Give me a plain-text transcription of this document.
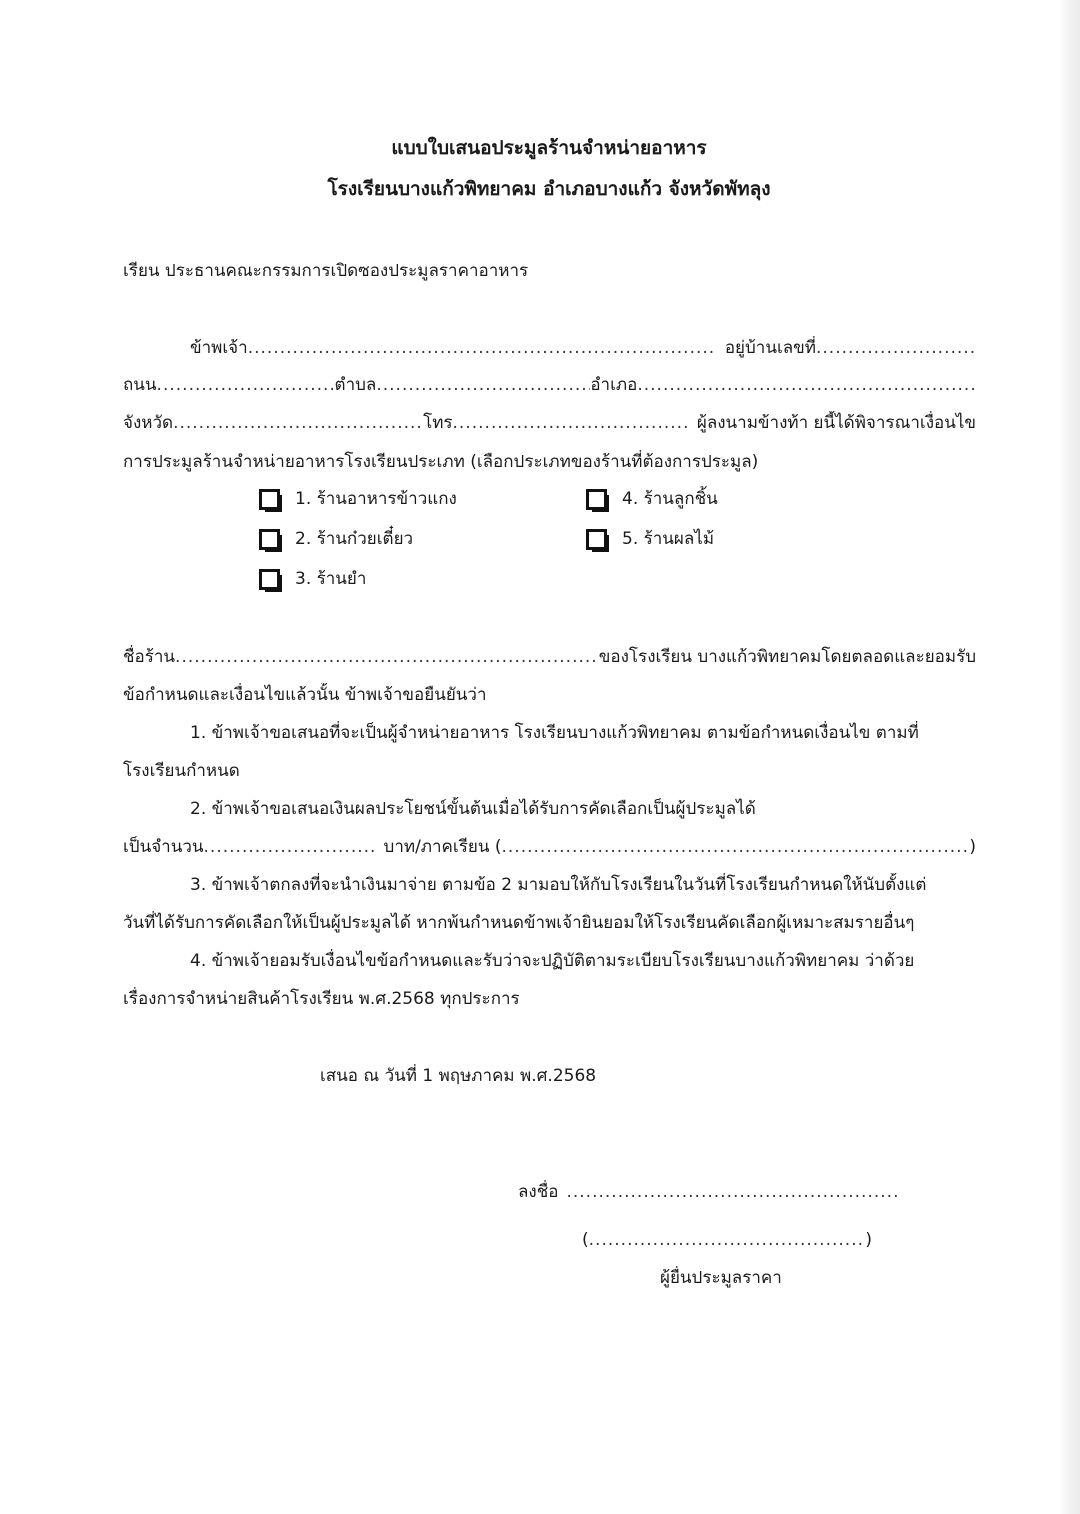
แบบใบเสนอประมูลร้านจำหน่ายอาหาร
โรงเรียนบางแก้วพิทยาคม อำเภอบางแก้ว จังหวัดพัทลุง
เรียน ประธานคณะกรรมการเปิดซองประมูลราคาอาหาร
ข้าพเจ้า .....	อยู่บ้านเลขที่
.....
ถนน .....	ตำบล .....	อำเภอ
.....
จังหวัด .....	โทร .....	ผู้ลงนามข้างท้า ยนี้ได้พิจารณาเงื่อนไข
การประมูลร้านจำหน่ายอาหารโรงเรียนประเภท (เลือกประเภทของร้านที่ต้องการประมูล)
1. ร้านอาหารข้าวแกง
2. ร้านก๋วยเตี๋ยว
3. ร้านยำ
4. ร้านลูกชิ้น
5. ร้านผลไม้
ชื่อร้าน .....	ของโรงเรียน บางแก้วพิทยาคมโดยตลอดและยอมรับ
ข้อกำหนดและเงื่อนไขแล้วนั้น ข้าพเจ้าขอยืนยันว่า
1. ข้าพเจ้าขอเสนอที่จะเป็นผู้จำหน่ายอาหาร โรงเรียนบางแก้วพิทยาคม ตามข้อกำหนดเงื่อนไข ตามที่
โรงเรียนกำหนด
2. ข้าพเจ้าขอเสนอเงินผลประโยชน์ขั้นต้นเมื่อได้รับการคัดเลือกเป็นผู้ประมูลได้
เป็นจำนวน .....	บาท/ภาคเรียน ( .....	)
3. ข้าพเจ้าตกลงที่จะนำเงินมาจ่าย ตามข้อ 2 มามอบให้กับโรงเรียนในวันที่โรงเรียนกำหนดให้นับตั้งแต่
วันที่ได้รับการคัดเลือกให้เป็นผู้ประมูลได้ หากพ้นกำหนดข้าพเจ้ายินยอมให้โรงเรียนคัดเลือกผู้เหมาะสมรายอื่นๆ
4. ข้าพเจ้ายอมรับเงื่อนไขข้อกำหนดและรับว่าจะปฏิบัติตามระเบียบโรงเรียนบางแก้วพิทยาคม ว่าด้วย
เรื่องการจำหน่ายสินค้าโรงเรียน พ.ศ.2568 ทุกประการ
เสนอ ณ วันที่ 1 พฤษภาคม พ.ศ.2568
ลงชื่อ
.....
( .....	)
ผู้ยื่นประมูลราคา
